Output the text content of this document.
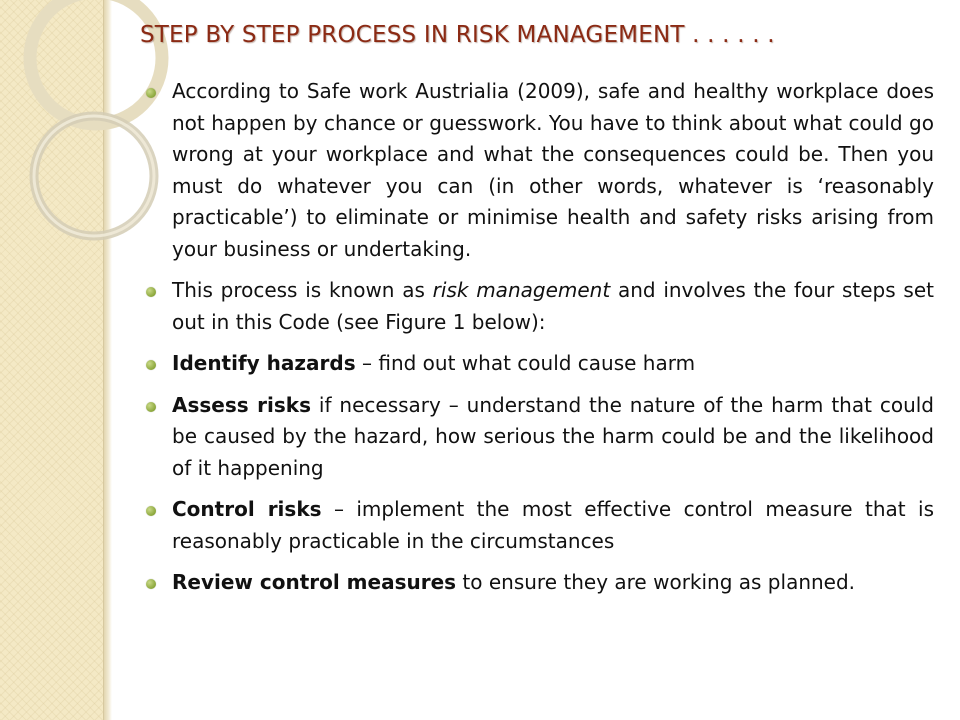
STEP BY STEP PROCESS IN RISK MANAGEMENT . . . . . .
According to Safe work Austrialia (2009), safe and healthy workplace does not happen by chance or guesswork. You have to think about what could go wrong at your workplace and what the consequences could be. Then you must do whatever you can (in other words, whatever is ‘reasonably practicable’) to eliminate or minimise health and safety risks arising from your business or undertaking.
This process is known as risk management and involves the four steps set out in this Code (see Figure 1 below):
Identify hazards – find out what could cause harm
Assess risks if necessary – understand the nature of the harm that could be caused by the hazard, how serious the harm could be and the likelihood of it happening
Control risks – implement the most effective control measure that is reasonably practicable in the circumstances
Review control measures to ensure they are working as planned.
